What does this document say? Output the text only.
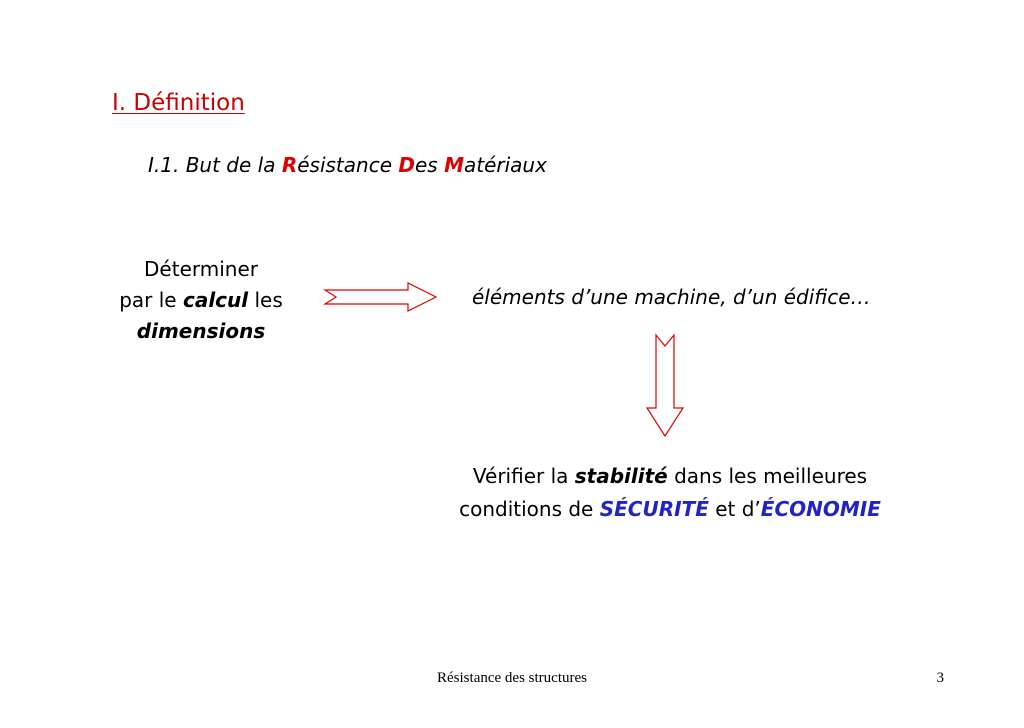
I. Définition
I.1. But de la Résistance Des Matériaux
Déterminer
par le calcul les
dimensions
éléments d’une machine, d’un édifice…
Vérifier la stabilité dans les meilleures
conditions de SÉCURITÉ et d’ÉCONOMIE
Résistance des structures	3
